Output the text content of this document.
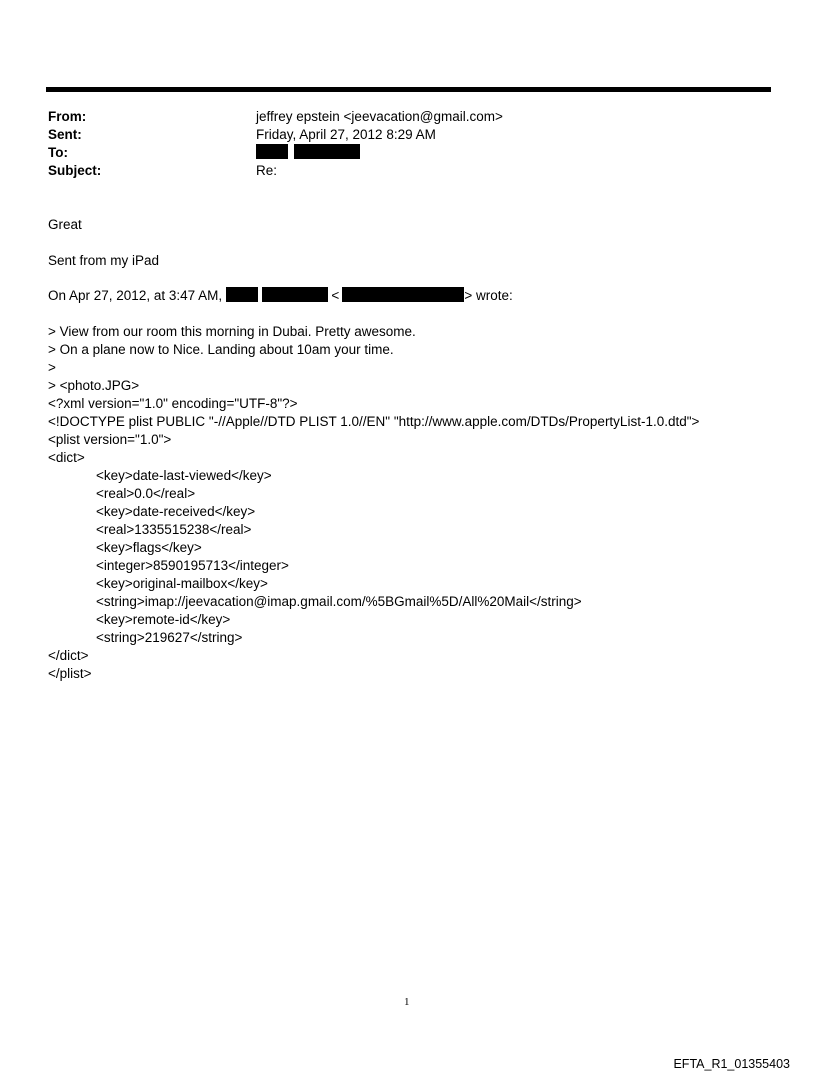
From:	jeffrey epstein <jeevacation@gmail.com>
Sent:	Friday, April 27, 2012 8:29 AM
To:

Subject:	Re:
Great
Sent from my iPad
On Apr 27, 2012, at 3:47 AM,	<	> wrote:
> View from our room this morning in Dubai. Pretty awesome.
> On a plane now to Nice. Landing about 10am your time.
>
> <photo.JPG>
<?xml version="1.0" encoding="UTF-8"?>
<!DOCTYPE plist PUBLIC "-//Apple//DTD PLIST 1.0//EN" "http://www.apple.com/DTDs/PropertyList-1.0.dtd">
<plist version="1.0">
<dict>
<key>date-last-viewed</key>
<real>0.0</real>
<key>date-received</key>
<real>1335515238</real>
<key>flags</key>
<integer>8590195713</integer>
<key>original-mailbox</key>
<string>imap://jeevacation@imap.gmail.com/%5BGmail%5D/All%20Mail</string>
<key>remote-id</key>
<string>219627</string>
</dict>
</plist>
1
EFTA_R1_01355403
